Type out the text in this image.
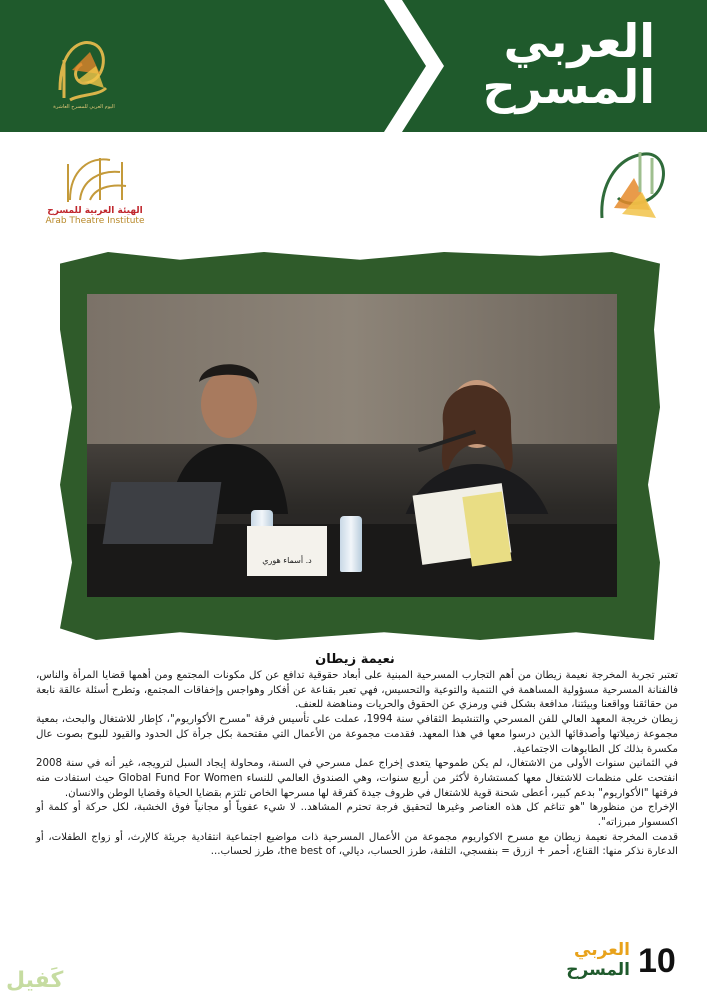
العربي
المسرح
اليوم العربي للمسرح العاشرة
الهيئة العربية للمسرح
Arab Theatre Institute
د. أسماء هوري
نعيمة زيطان

تعتبر تجربة المخرجة نعيمة زيطان من أهم التجارب المسرحية المبنية على أبعاد حقوقية تدافع عن كل مكونات المجتمع ومن أهمها قضايا المرأة والناس، فالفنانة المسرحية مسؤولية المساهمة في التنمية والتوعية والتحسيس، فهي تعبر بقناعة عن أفكار وهواجس وإخفاقات المجتمع، وتطرح أسئلة عالقة نابعة من حقائقنا وواقعنا وبيئتنا، مدافعة بشكل فني ورمزي عن الحقوق والحريات ومناهضة للعنف.

زيطان خريجة المعهد العالي للفن المسرحي والتنشيط الثقافي سنة 1994، عملت على تأسيس فرقة "مسرح الأكواريوم"، كإطار للاشتغال والبحث، بمعية مجموعة زميلاتها وأصدقائها الذين درسوا معها في هذا المعهد. فقدمت مجموعة من الأعمال التي مقتحمة بكل جرأة كل الحدود والقيود للبوح بصوت عال مكسرة بذلك كل الطابوهات الاجتماعية.

في الثمانين سنوات الأولى من الاشتغال، لم يكن طموحها يتعدى إخراج عمل مسرحي في السنة، ومحاولة إيجاد السبل لترويجه، غير أنه في سنة 2008 انفتحت على منظمات للاشتغال معها كمستشارة لأكثر من أربع سنوات، وهي الصندوق العالمي للنساء Global Fund For Women حيث استفادت منه فرقتها "الأكواريوم" بدعم كبير، أعطى شحنة قوية للاشتغال في ظروف جيدة كفرقة لها مسرحها الخاص تلتزم بقضايا الحياة وقضايا الوطن والانسان.

الإخراج من منظورها "هو تناغم كل هذه العناصر وغيرها لتحقيق فرجة تحترم المشاهد.. لا شيء عفوياً أو مجانياً فوق الخشبة، لكل حركة أو كلمة أو اكسسوار مبرزاته".

قدمت المخرجة نعيمة زيطان مع مسرح الاكواريوم مجموعة من الأعمال المسرحية ذات مواضيع اجتماعية انتقادية جريئة كالإرث، أو زواج الطفلات، أو الدعارة نذكر منها: القناع، أحمر + ازرق = بنفسجي، التلفة، طرز الحساب، ديالي، the best of، طرز لحساب...

العربي
المسرح 10
كَفيل
